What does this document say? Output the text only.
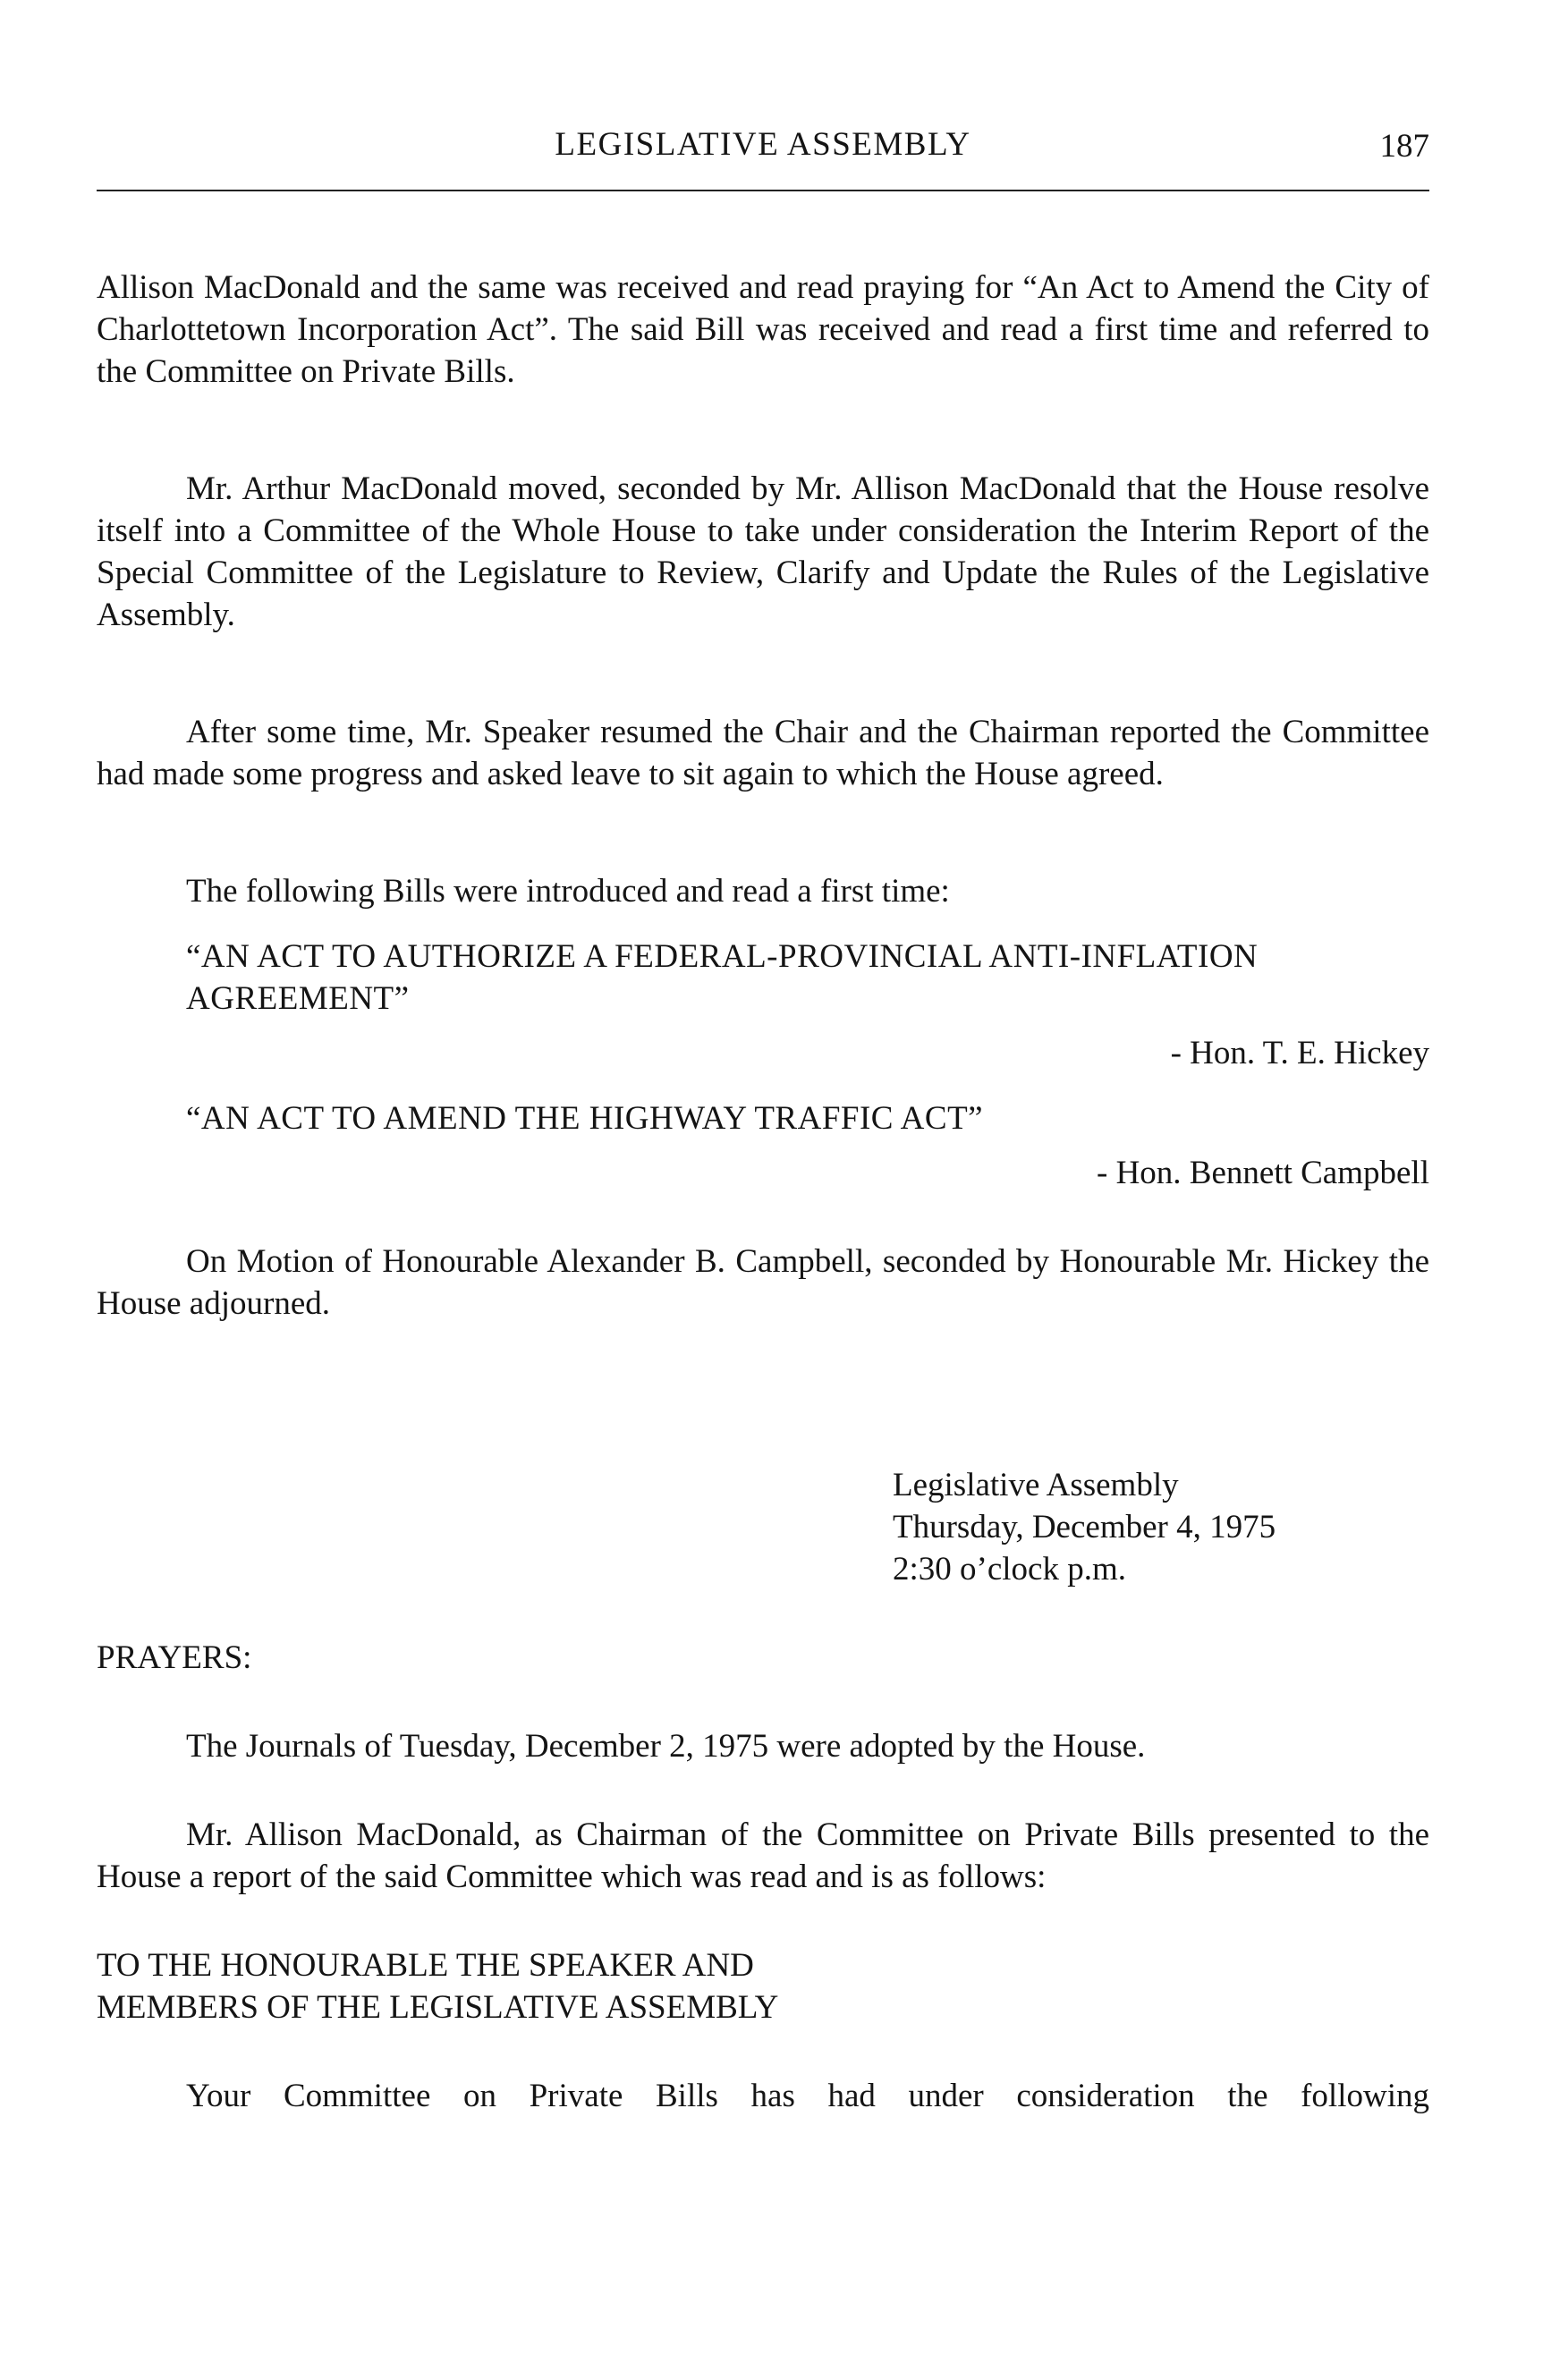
LEGISLATIVE ASSEMBLY	187

Allison MacDonald and the same was received and read praying for “An Act to Amend the City of Charlottetown Incorporation Act”. The said Bill was received and read a first time and referred to the Committee on Private Bills.

Mr. Arthur MacDonald moved, seconded by Mr. Allison MacDonald that the House resolve itself into a Committee of the Whole House to take under consideration the Interim Report of the Special Committee of the Legislature to Review, Clarify and Update the Rules of the Legislative Assembly.

After some time, Mr. Speaker resumed the Chair and the Chairman reported the Committee had made some progress and asked leave to sit again to which the House agreed.

The following Bills were introduced and read a first time:

“AN ACT TO AUTHORIZE A FEDERAL-PROVINCIAL ANTI-INFLATION AGREEMENT”

- Hon. T. E. Hickey

“AN ACT TO AMEND THE HIGHWAY TRAFFIC ACT”

- Hon. Bennett Campbell

On Motion of Honourable Alexander B. Campbell, seconded by Honourable Mr. Hickey the House adjourned.

Legislative Assembly
Thursday, December 4, 1975
2:30 o’clock p.m.

PRAYERS:

The Journals of Tuesday, December 2, 1975 were adopted by the House.

Mr. Allison MacDonald, as Chairman of the Committee on Private Bills presented to the House a report of the said Committee which was read and is as follows:

TO THE HONOURABLE THE SPEAKER AND
MEMBERS OF THE LEGISLATIVE ASSEMBLY

Your Committee on Private Bills has had under consideration the following
